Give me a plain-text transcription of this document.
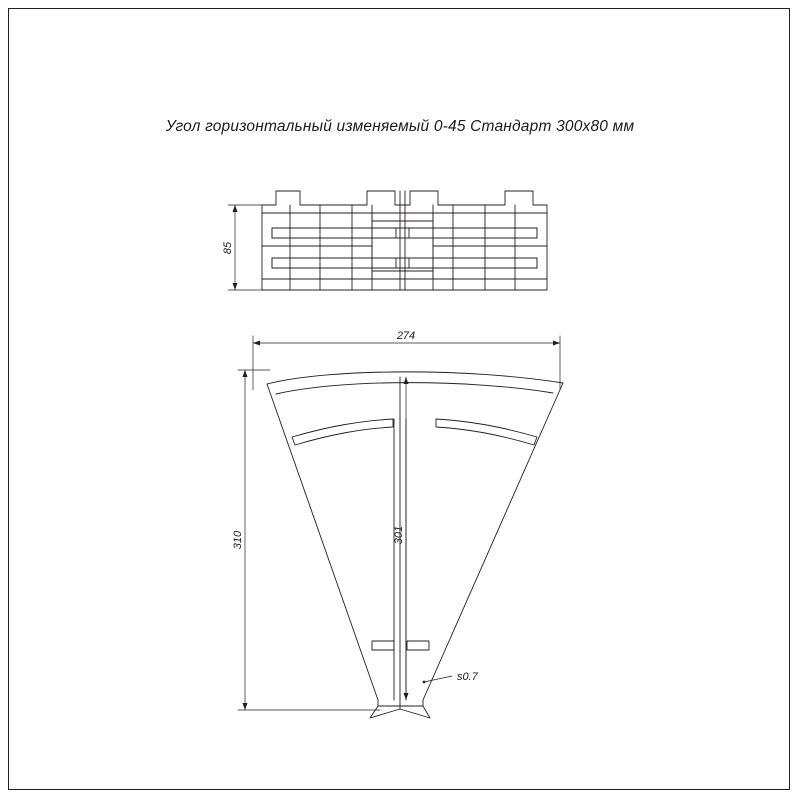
Угол горизонтальный изменяемый 0-45 Стандарт 300х80 мм
85
274
310	301
s0.7
